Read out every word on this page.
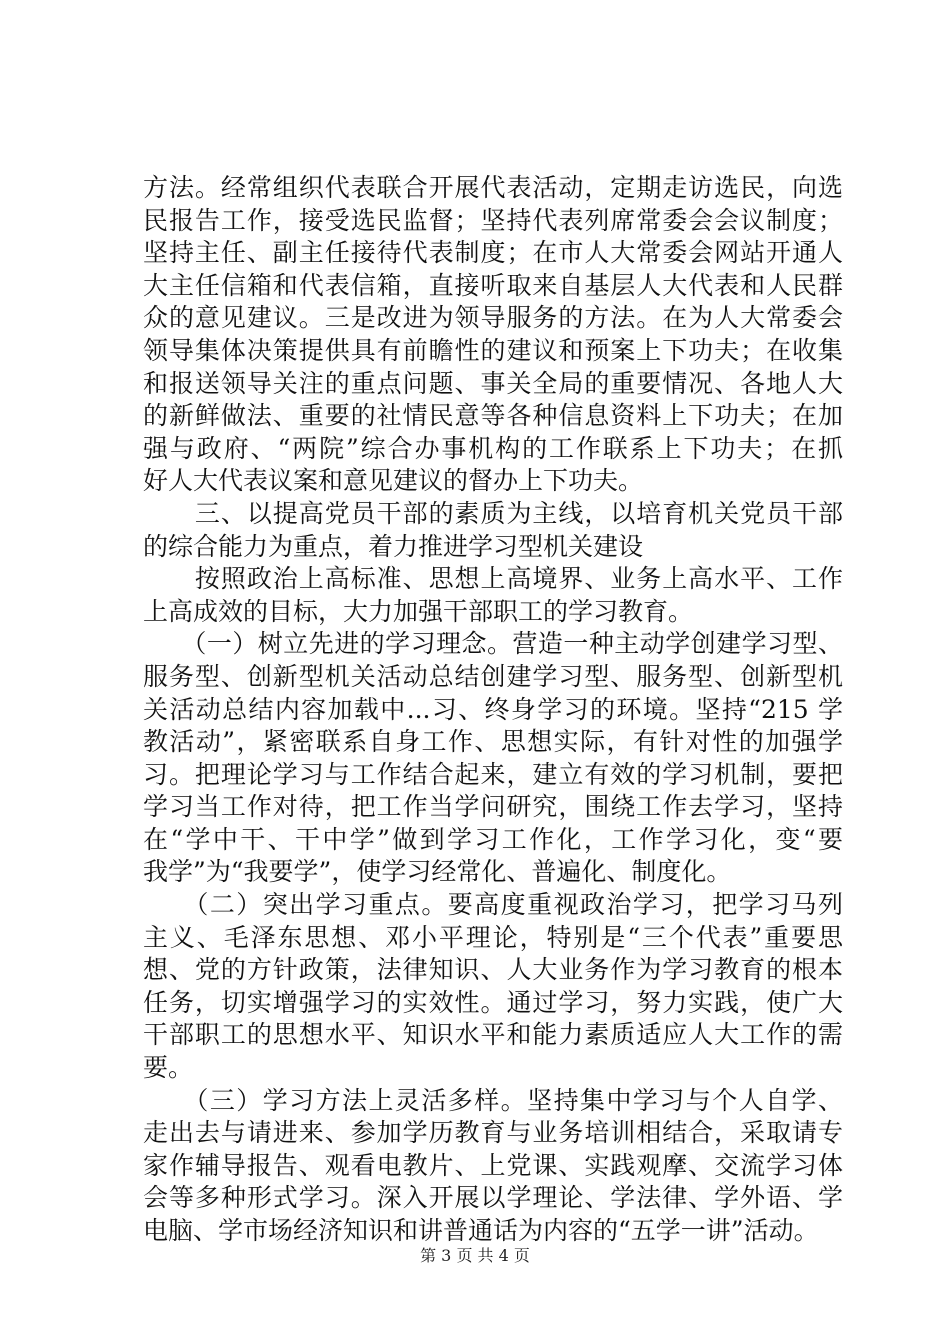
方法。经常组织代表联合开展代表活动，定期走访选民，向选
民报告工作，接受选民监督；坚持代表列席常委会会议制度；
坚持主任、副主任接待代表制度；在市人大常委会网站开通人
大主任信箱和代表信箱，直接听取来自基层人大代表和人民群
众的意见建议。三是改进为领导服务的方法。在为人大常委会
领导集体决策提供具有前瞻性的建议和预案上下功夫；在收集
和报送领导关注的重点问题、事关全局的重要情况、各地人大
的新鲜做法、重要的社情民意等各种信息资料上下功夫；在加
强与政府、“两院”综合办事机构的工作联系上下功夫；在抓
好人大代表议案和意见建议的督办上下功夫。
　　三、以提高党员干部的素质为主线，以培育机关党员干部
的综合能力为重点，着力推进学习型机关建设
　　按照政治上高标准、思想上高境界、业务上高水平、工作
上高成效的目标，大力加强干部职工的学习教育。
　　（一）树立先进的学习理念。营造一种主动学创建学习型、
服务型、创新型机关活动总结创建学习型、服务型、创新型机
关活动总结内容加载中...习、终身学习的环境。坚持“215 学
教活动”，紧密联系自身工作、思想实际，有针对性的加强学
习。把理论学习与工作结合起来，建立有效的学习机制，要把
学习当工作对待，把工作当学问研究，围绕工作去学习，坚持
在“学中干、干中学”做到学习工作化，工作学习化，变“要
我学”为“我要学”，使学习经常化、普遍化、制度化。
　　（二）突出学习重点。要高度重视政治学习，把学习马列
主义、毛泽东思想、邓小平理论，特别是“三个代表”重要思
想、党的方针政策，法律知识、人大业务作为学习教育的根本
任务，切实增强学习的实效性。通过学习，努力实践，使广大
干部职工的思想水平、知识水平和能力素质适应人大工作的需
要。
　　（三）学习方法上灵活多样。坚持集中学习与个人自学、
走出去与请进来、参加学历教育与业务培训相结合，采取请专
家作辅导报告、观看电教片、上党课、实践观摩、交流学习体
会等多种形式学习。深入开展以学理论、学法律、学外语、学
电脑、学市场经济知识和讲普通话为内容的“五学一讲”活动。
第 3 页 共 4 页
